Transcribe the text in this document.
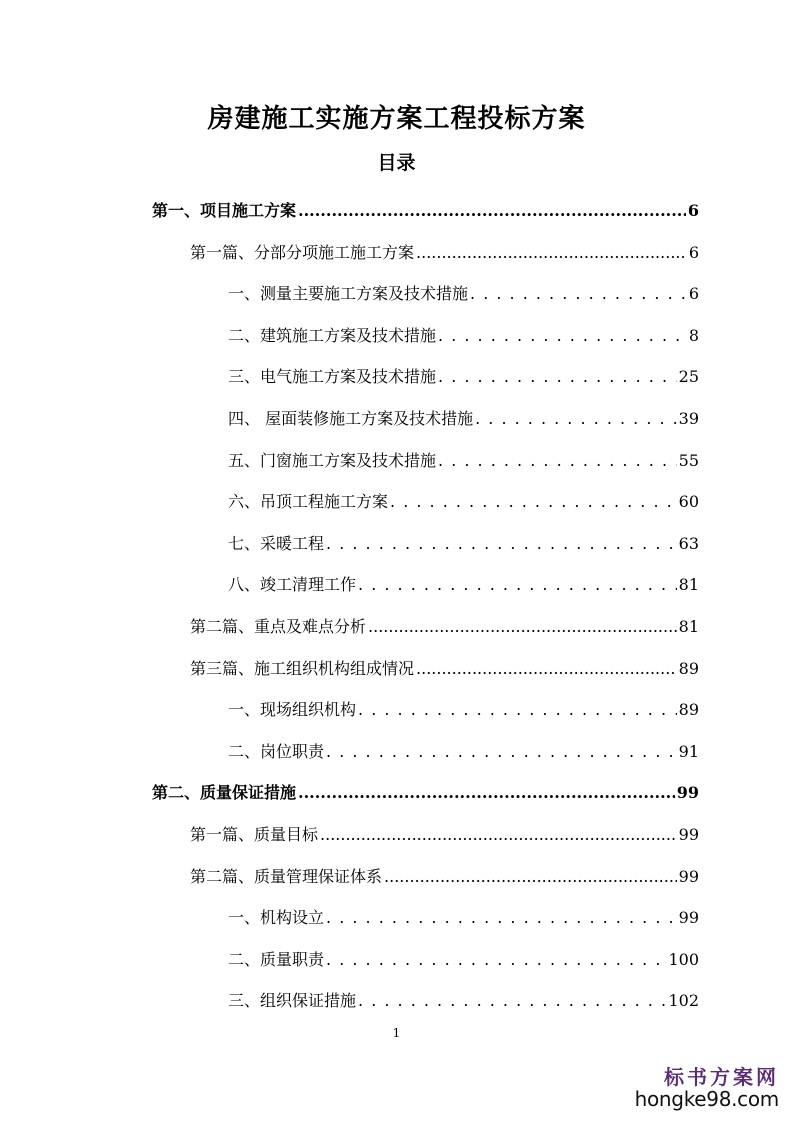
房建施工实施方案工程投标方案
目录
第一、项目施工方案 .....	6
第一篇、分部分项施工施工方案 .....	6
一、测量主要施工方案及技术措施 . . .	6
二、建筑施工方案及技术措施 . . .	8
三、电气施工方案及技术措施 . . .	25
四、 屋面装修施工方案及技术措施 . . .	39
五、门窗施工方案及技术措施 . . .	55
六、吊顶工程施工方案 . . .	60
七、采暖工程 . . .	63
八、竣工清理工作 . . .	81
第二篇、重点及难点分析 .....	81
第三篇、施工组织机构组成情况 .....	89
一、现场组织机构 . . .	89
二、岗位职责 . . .	91
第二、质量保证措施 .....	99
第一篇、质量目标 .....	99
第二篇、质量管理保证体系 .....	99
一、机构设立 . . .	99
二、质量职责 . . .	100
三、组织保证措施 . . .	102
1
标书方案网
hongke98.com
